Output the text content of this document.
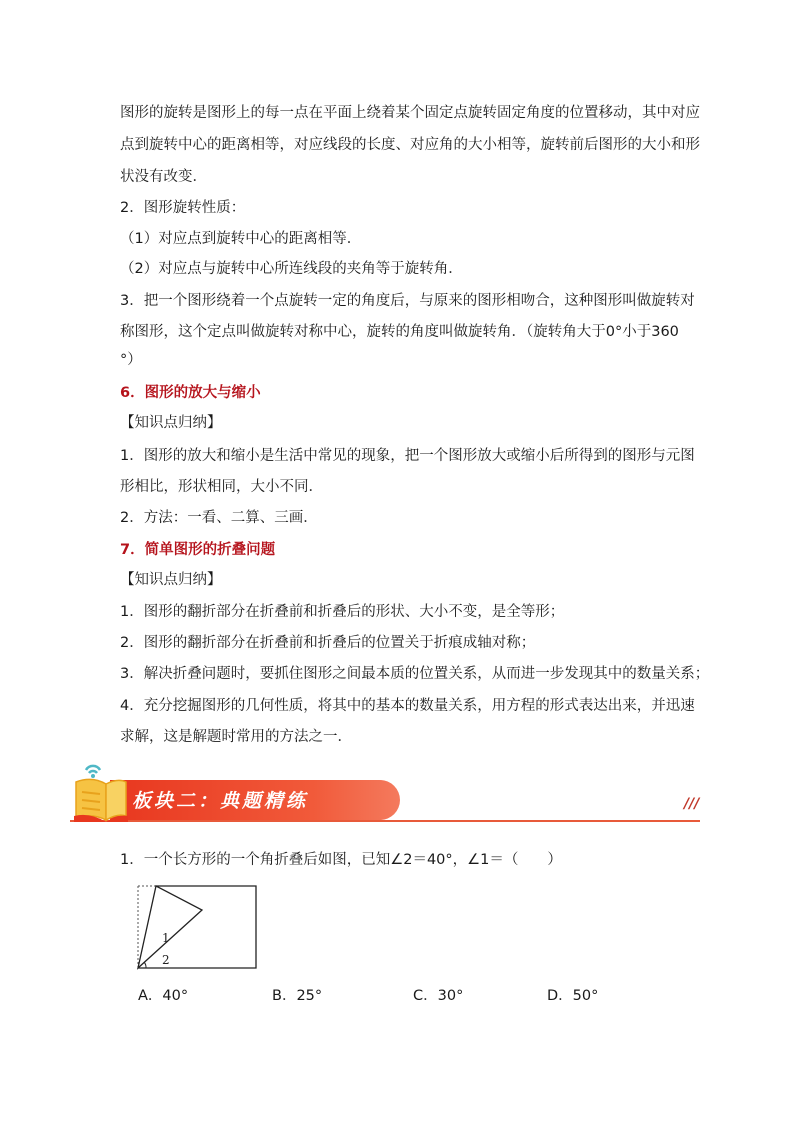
图形的旋转是图形上的每一点在平面上绕着某个固定点旋转固定角度的位置移动，其中对应
点到旋转中心的距离相等，对应线段的长度、对应角的大小相等，旋转前后图形的大小和形
状没有改变．
2．图形旋转性质：
（1）对应点到旋转中心的距离相等．
（2）对应点与旋转中心所连线段的夹角等于旋转角．
3．把一个图形绕着一个点旋转一定的角度后，与原来的图形相吻合，这种图形叫做旋转对
称图形，这个定点叫做旋转对称中心，旋转的角度叫做旋转角．（旋转角大于0°小于360
°）
6．图形的放大与缩小
【知识点归纳】
1．图形的放大和缩小是生活中常见的现象，把一个图形放大或缩小后所得到的图形与元图
形相比，形状相同，大小不同．
2．方法：一看、二算、三画．
7．简单图形的折叠问题
【知识点归纳】
1．图形的翻折部分在折叠前和折叠后的形状、大小不变，是全等形；
2．图形的翻折部分在折叠前和折叠后的位置关于折痕成轴对称；
3．解决折叠问题时，要抓住图形之间最本质的位置关系，从而进一步发现其中的数量关系；
4．充分挖掘图形的几何性质，将其中的基本的数量关系，用方程的形式表达出来，并迅速
求解，这是解题时常用的方法之一．
板块二：典题精练	///
1．一个长方形的一个角折叠后如图，已知∠2＝40°，∠1＝（　　）
1
2
A．40°	B．25°	C．30°	D．50°
